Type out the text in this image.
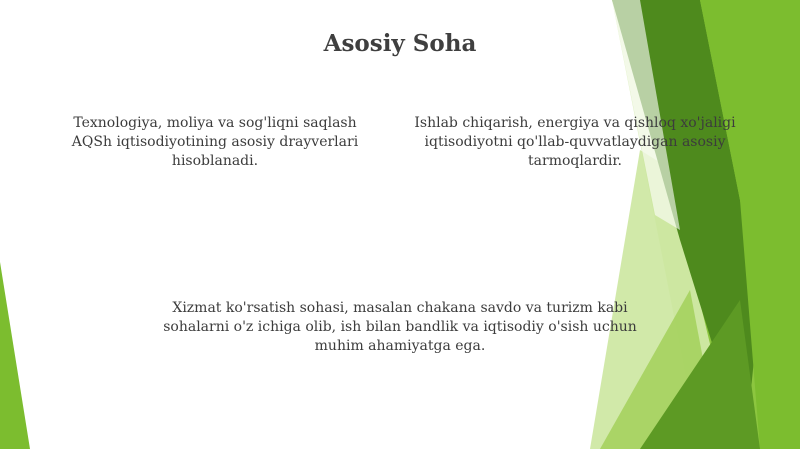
Asosiy Soha

Texnologiya, moliya va sog'liqni saqlash AQSh iqtisodiyotining asosiy drayverlari hisoblanadi.

Ishlab chiqarish, energiya va qishloq xo'jaligi iqtisodiyotni qo'llab-quvvatlaydigan asosiy tarmoqlardir.

Xizmat ko'rsatish sohasi, masalan chakana savdo va turizm kabi sohalarni o'z ichiga olib, ish bilan bandlik va iqtisodiy o'sish uchun muhim ahamiyatga ega.
